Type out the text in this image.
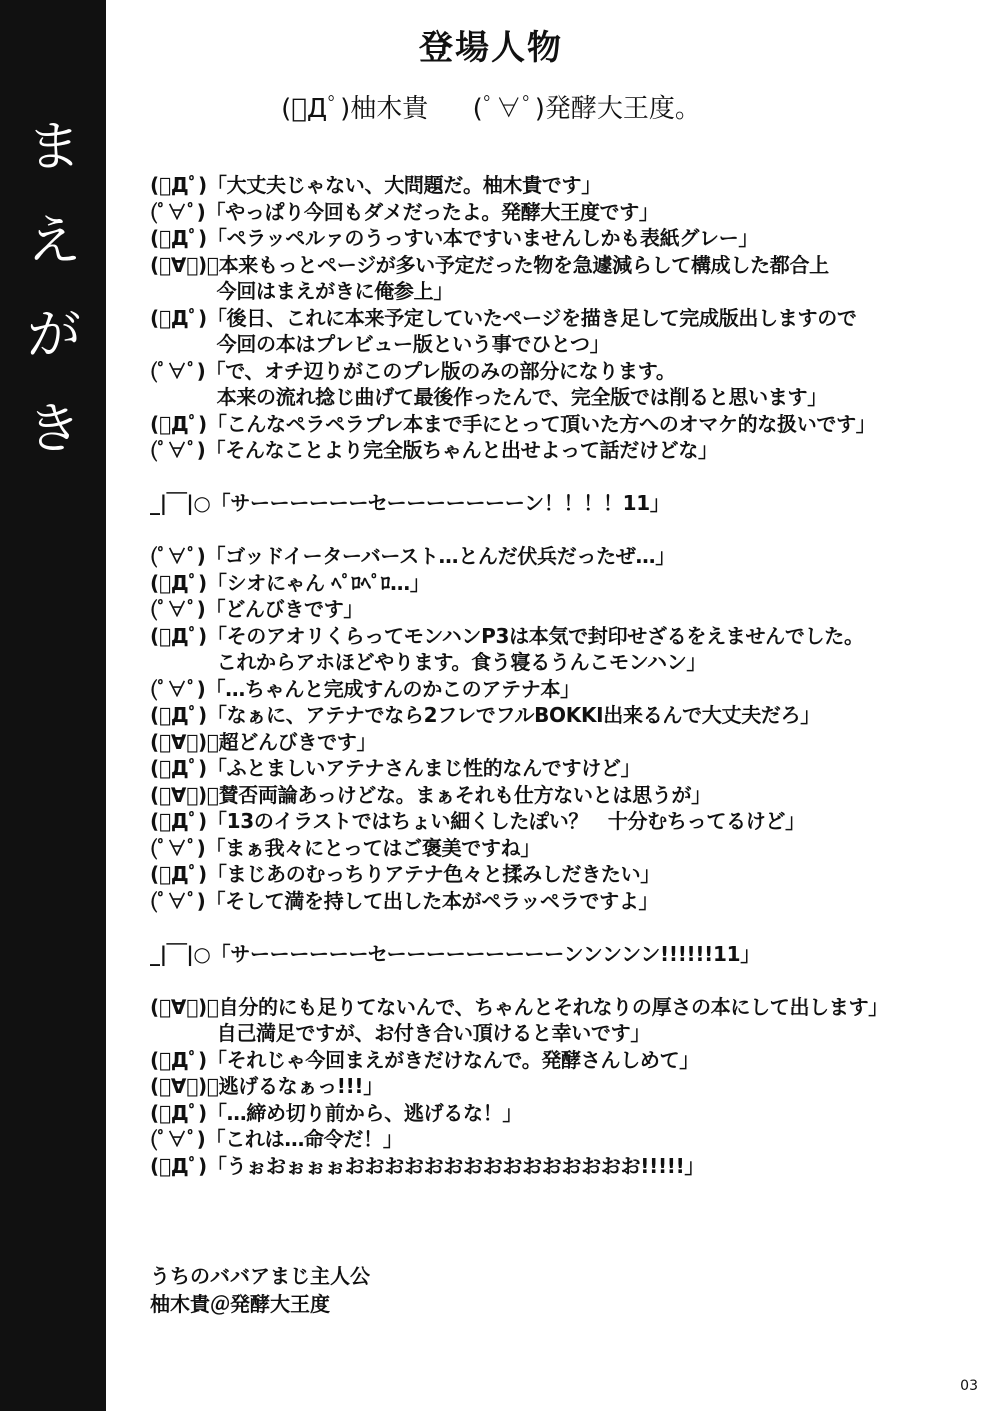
ま
え
が
き
登場人物
(ﾟДﾟ)柚木貴 (ﾟ∀ﾟ)発酵大王度。
(ﾟДﾟ)「大丈夫じゃない、大問題だ。柚木貴です」
(ﾟ∀ﾟ)「やっぱり今回もダメだったよ。発酵大王度です」
(ﾟДﾟ)「ペラッペルァのうっすい本ですいませんしかも表紙グレー」
(ﾟ∀ﾟ)「本来もっとページが多い予定だった物を急遽減らして構成した都合上
今回はまえがきに俺参上」
(ﾟДﾟ)「後日、これに本来予定していたページを描き足して完成版出しますので
今回の本はプレビュー版という事でひとつ」
(ﾟ∀ﾟ)「で、オチ辺りがこのプレ版のみの部分になります。
本来の流れ捻じ曲げて最後作ったんで、完全版では削ると思います」
(ﾟДﾟ)「こんなペラペラプレ本まで手にとって頂いた方へのオマケ的な扱いです」
(ﾟ∀ﾟ)「そんなことより完全版ちゃんと出せよって話だけどな」
_|￣|○「サーーーーーーセーーーーーーーン！！！！11」
(ﾟ∀ﾟ)「ゴッドイーターバースト…とんだ伏兵だったぜ…」
(ﾟДﾟ)「シオにゃん ﾍﾟﾛﾍﾟﾛ…」
(ﾟ∀ﾟ)「どんびきです」
(ﾟДﾟ)「そのアオリくらってモンハンP3は本気で封印せざるをえませんでした。
これからアホほどやります。食う寝るうんこモンハン」
(ﾟ∀ﾟ)「…ちゃんと完成すんのかこのアテナ本」
(ﾟДﾟ)「なぁに、アテナでなら2フレでフルBOKKI出来るんで大丈夫だろ」
(ﾟ∀ﾟ)「超どんびきです」
(ﾟДﾟ)「ふとましいアテナさんまじ性的なんですけど」
(ﾟ∀ﾟ)「賛否両論あっけどな。まぁそれも仕方ないとは思うが」
(ﾟДﾟ)「13のイラストではちょい細くしたぽい？　十分むちってるけど」
(ﾟ∀ﾟ)「まぁ我々にとってはご褒美ですね」
(ﾟДﾟ)「まじあのむっちりアテナ色々と揉みしだきたい」
(ﾟ∀ﾟ)「そして満を持して出した本がペラッペラですよ」
_|￣|○「サーーーーーーセーーーーーーーーーンンンンン!!!!!!11」
(ﾟ∀ﾟ)「自分的にも足りてないんで、ちゃんとそれなりの厚さの本にして出します」
自己満足ですが、お付き合い頂けると幸いです」
(ﾟДﾟ)「それじゃ今回まえがきだけなんで。発酵さんしめて」
(ﾟ∀ﾟ)「逃げるなぁっ!!!」
(ﾟДﾟ)「…締め切り前から、逃げるな！」
(ﾟ∀ﾟ)「これは…命令だ！」
(ﾟДﾟ)「うぉおぉぉぉおおおおおおおおおおおおおおお!!!!!」
うちのババアまじ主人公
柚木貴＠発酵大王度
03
